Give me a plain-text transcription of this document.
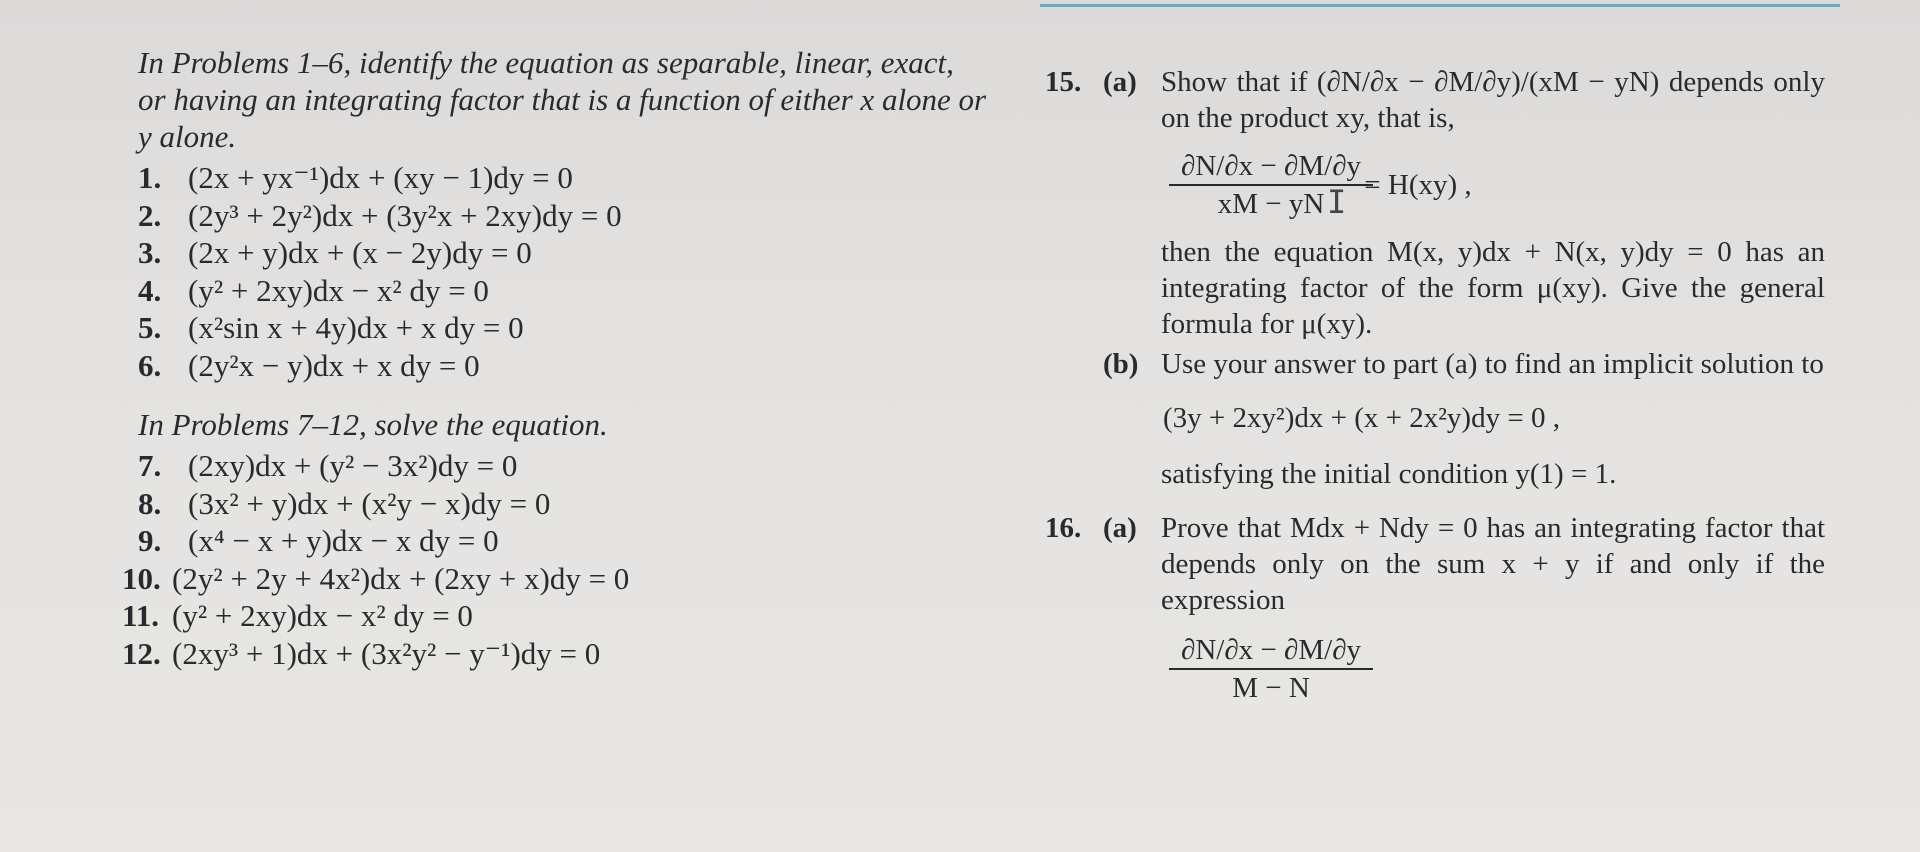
In Problems 1–6, identify the equation as separable, linear, exact, or having an integrating factor that is a function of either x alone or y alone.

1. (2x + yx⁻¹)dx + (xy − 1)dy = 0
2. (2y³ + 2y²)dx + (3y²x + 2xy)dy = 0
3. (2x + y)dx + (x − 2y)dy = 0
4. (y² + 2xy)dx − x² dy = 0
5. (x²sin x + 4y)dx + x dy = 0
6. (2y²x − y)dx + x dy = 0

In Problems 7–12, solve the equation.

7. (2xy)dx + (y² − 3x²)dy = 0
8. (3x² + y)dx + (x²y − x)dy = 0
9. (x⁴ − x + y)dx − x dy = 0
10. (2y² + 2y + 4x²)dx + (2xy + x)dy = 0
11. (y² + 2xy)dx − x² dy = 0
12. (2xy³ + 1)dx + (3x²y² − y⁻¹)dy = 0
15. (a) Show that if (∂N/∂x − ∂M/∂y)/(xM − yN) depends only on the product xy, that is,
$\frac{\partial N/\partial x - \partial M/\partial y}{xM - yN}$
I = H(xy) ,
then the equation M(x, y)dx + N(x, y)dy = 0 has an integrating factor of the form μ(xy). Give the general formula for μ(xy).
(b) Use your answer to part (a) to find an implicit solution to
(3y + 2xy²)dx + (x + 2x²y)dy = 0 ,
satisfying the initial condition y(1) = 1.
16. (a) Prove that Mdx + Ndy = 0 has an integrating factor that depends only on the sum x + y if and only if the expression
$\frac{\partial N/\partial x - \partial M/\partial y}{M - N}$
